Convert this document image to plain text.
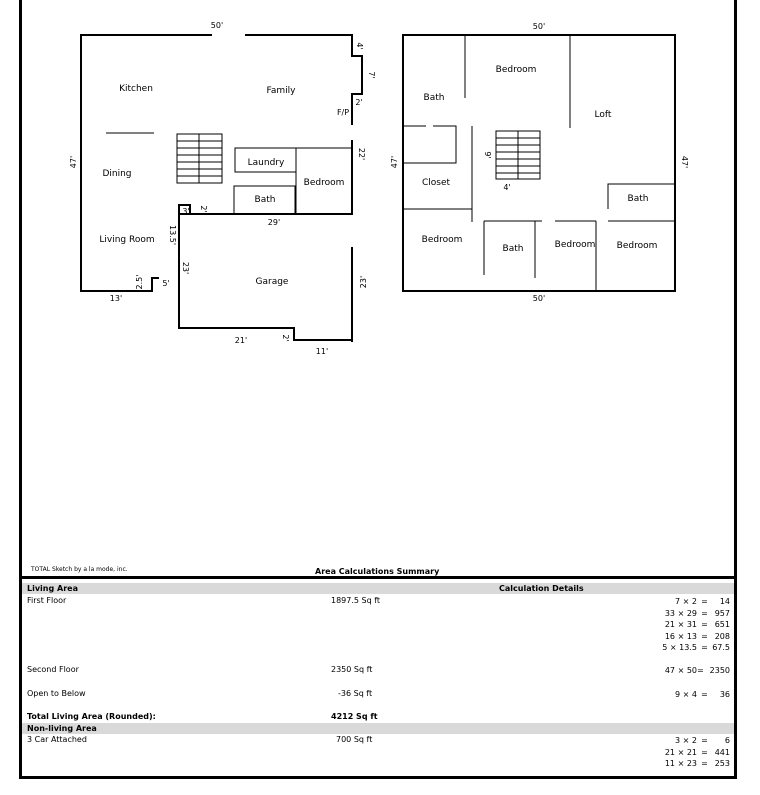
Kitchen	Family
F/P
Dining
Laundry
Bedroom
Bath
Living Room
Garage
50'
47'
13'
4'
7'
2'
22'
29'
3' 2'
13.5'
23'
23'
21'	2'
11'
2.5' 5'
Bedroom
Bath
Loft
Closet
Bath
Bedroom
Bath	Bedroom Bedroom
50'
47'	47'
50'
9'
4'
TOTAL Sketch by a la mode, inc.	Area Calculations Summary
Living Area	Calculation Details
First Floor	1897.5 Sq ft	7 × 2 =	14
33 × 29 = 957
21 × 31 = 651
16 × 13 = 208
5 × 13.5 = 67.5
Second Floor	2350 Sq ft	47 × 50 = 2350
Open to Below	-36 Sq ft	9 × 4 =	36
Total Living Area (Rounded):	4212 Sq ft
Non-living Area
3 Car Attached	700 Sq ft	3 × 2 =	6
21 × 21 = 441
11 × 23 = 253
